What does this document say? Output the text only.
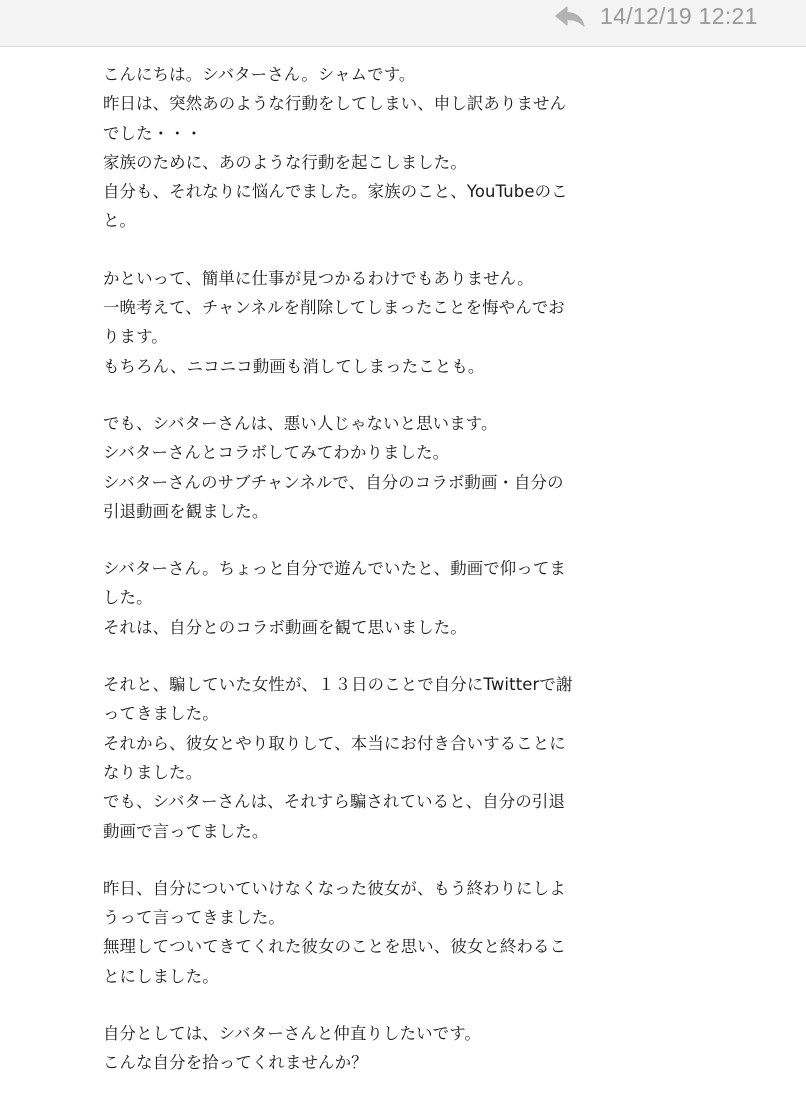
14/12/19 12:21
こんにちは。シバターさん。シャムです。
昨日は、突然あのような行動をしてしまい、申し訳ありません
でした・・・
家族のために、あのような行動を起こしました。
自分も、それなりに悩んでました。家族のこと、YouTubeのこ
と。
かといって、簡単に仕事が見つかるわけでもありません。
一晩考えて、チャンネルを削除してしまったことを悔やんでお
ります。
もちろん、ニコニコ動画も消してしまったことも。
でも、シバターさんは、悪い人じゃないと思います。
シバターさんとコラボしてみてわかりました。
シバターさんのサブチャンネルで、自分のコラボ動画・自分の
引退動画を観ました。
シバターさん。ちょっと自分で遊んでいたと、動画で仰ってま
した。
それは、自分とのコラボ動画を観て思いました。
それと、騙していた女性が、１３日のことで自分にTwitterで謝
ってきました。
それから、彼女とやり取りして、本当にお付き合いすることに
なりました。
でも、シバターさんは、それすら騙されていると、自分の引退
動画で言ってました。
昨日、自分についていけなくなった彼女が、もう終わりにしよ
うって言ってきました。
無理してついてきてくれた彼女のことを思い、彼女と終わるこ
とにしました。
自分としては、シバターさんと仲直りしたいです。
こんな自分を拾ってくれませんか？
